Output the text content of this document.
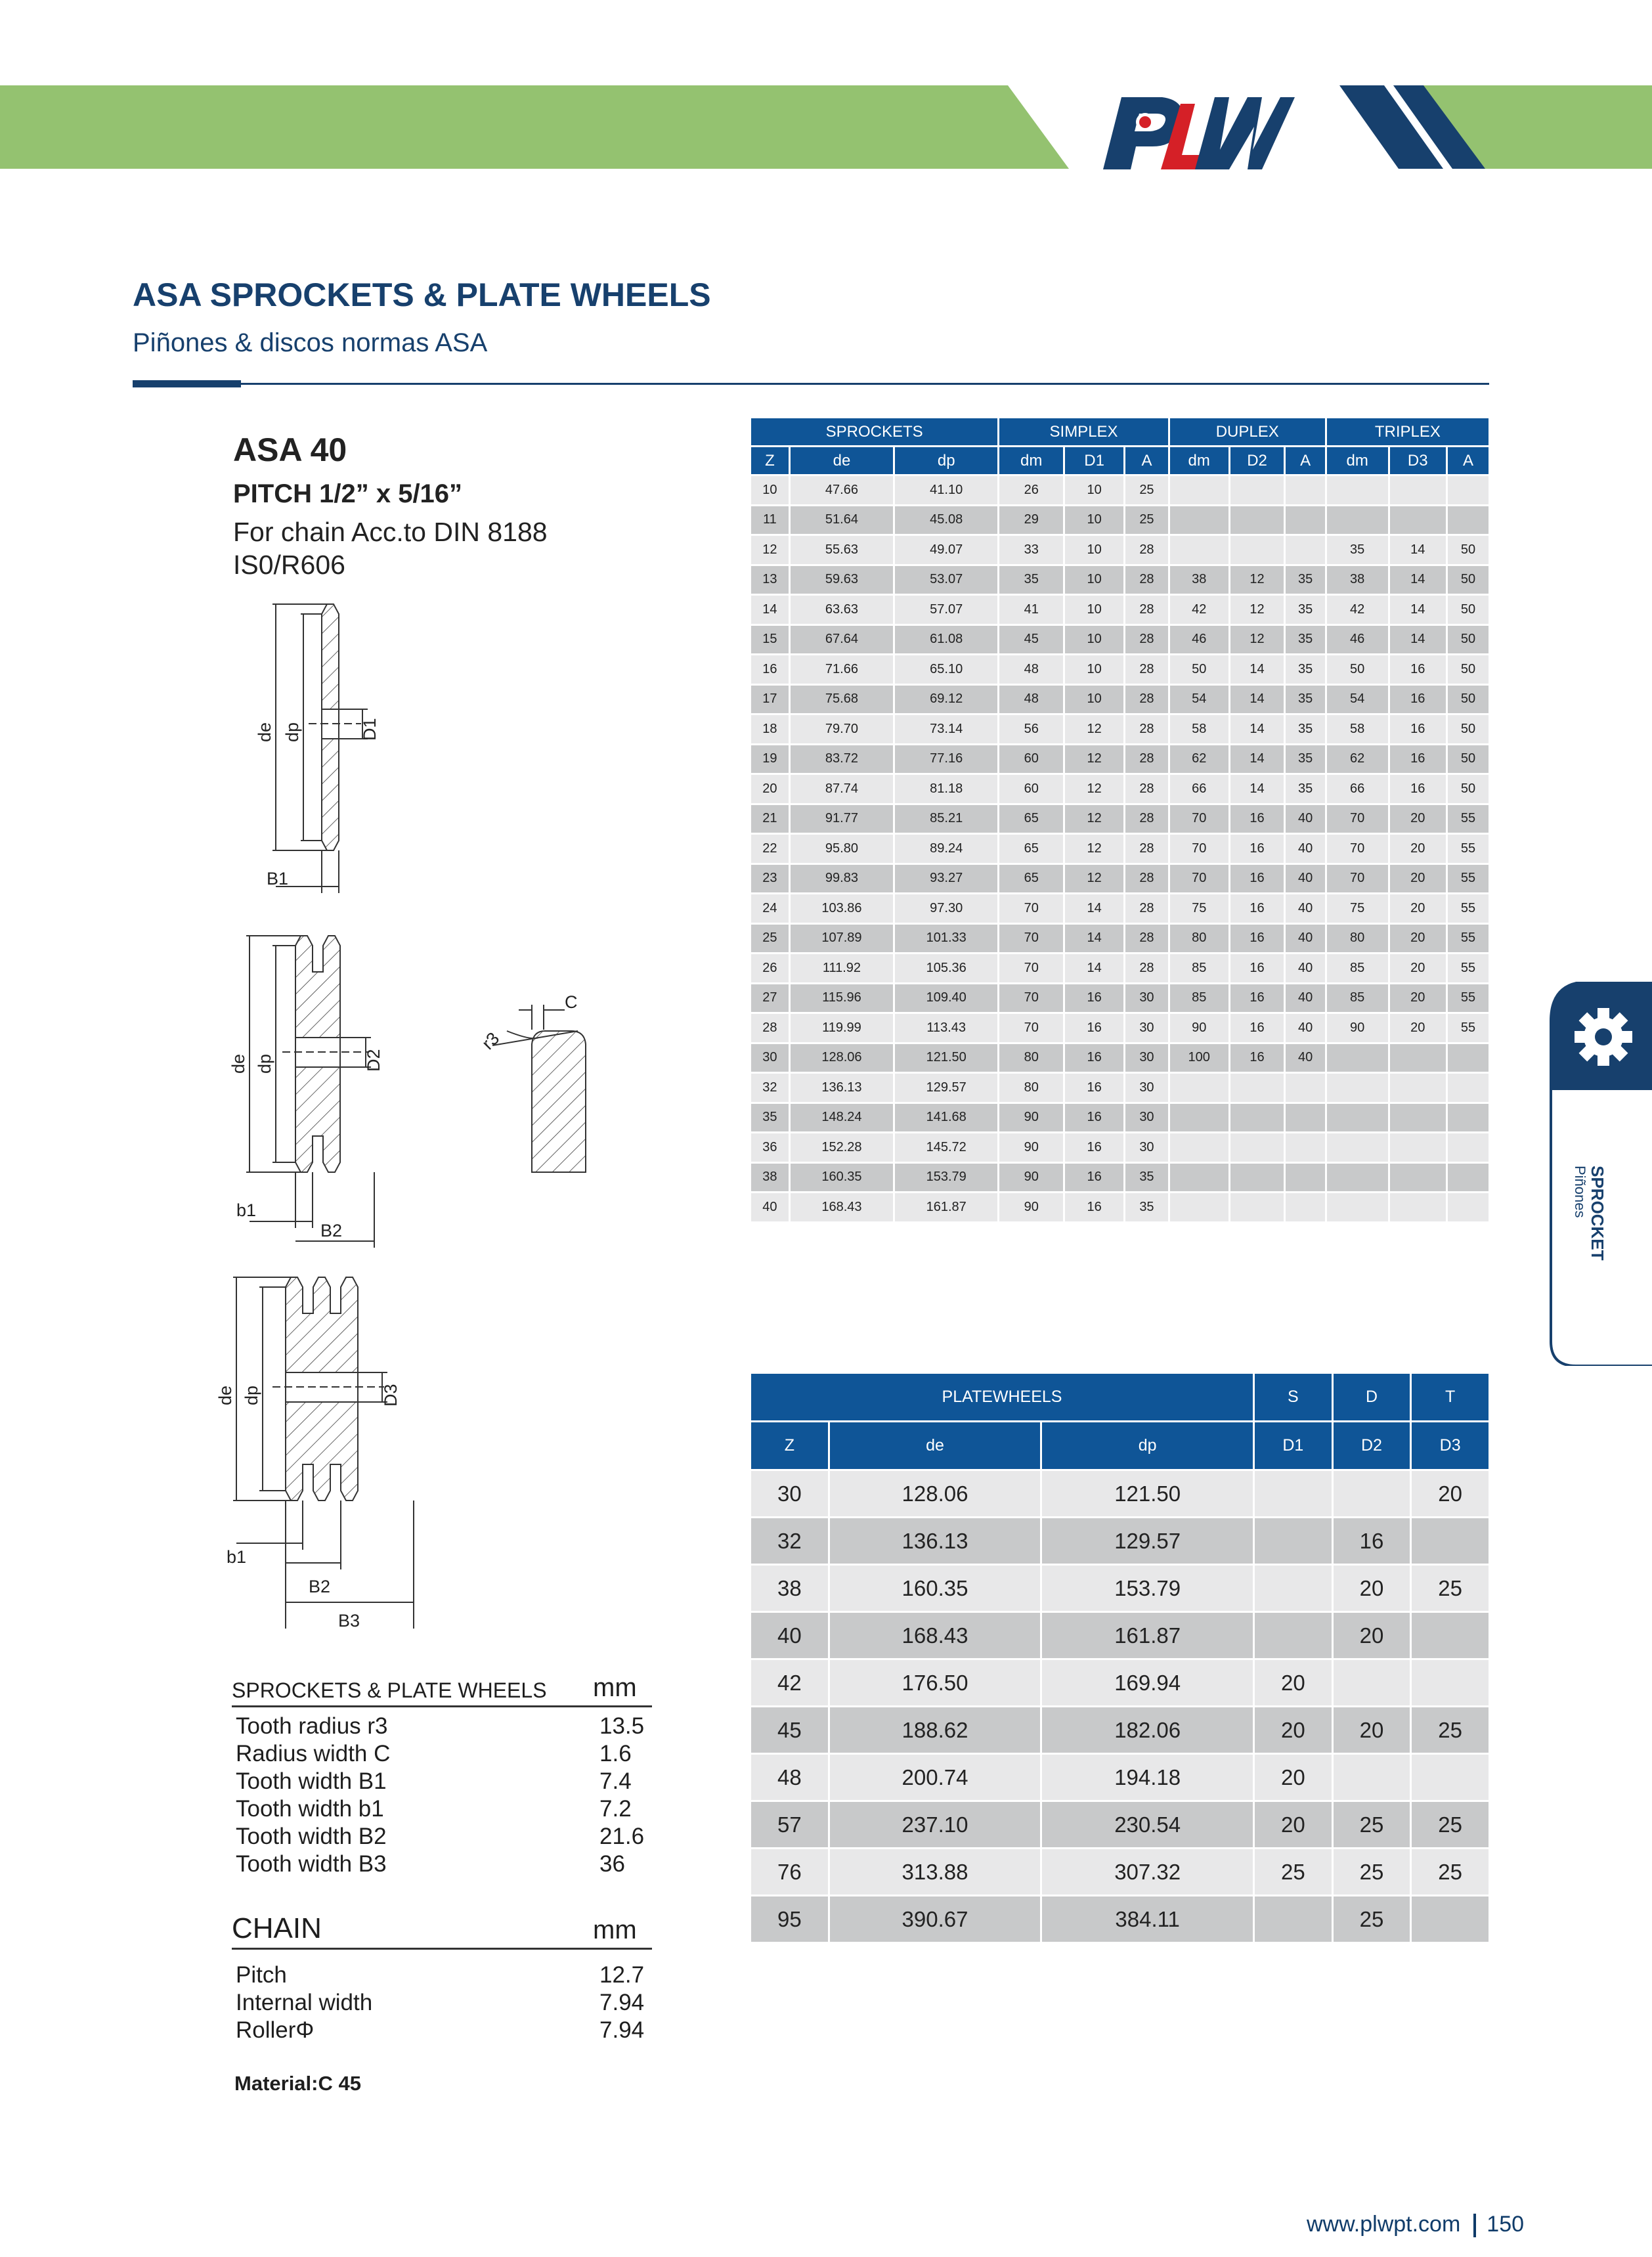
PLW
ASA SPROCKETS & PLATE WHEELS
Piñones & discos normas ASA
ASA 40
PITCH 1/2” x 5/16”
For chain Acc.to DIN 8188
IS0/R606
de dp	D1
B1
de dp	D2
b1
B2
C
r3
de dp	D3
b1
B2
B3
SPROCKETS			SIMPLEX			DUPLEX			TRIPLEX		
Z	de	dp	dm	D1	A	dm	D2	A	dm	D3	A
10	47.66	41.10	26	10	25						
11	51.64	45.08	29	10	25						
12	55.63	49.07	33	10	28				35	14	50
13	59.63	53.07	35	10	28	38	12	35	38	14	50
14	63.63	57.07	41	10	28	42	12	35	42	14	50
15	67.64	61.08	45	10	28	46	12	35	46	14	50
16	71.66	65.10	48	10	28	50	14	35	50	16	50
17	75.68	69.12	48	10	28	54	14	35	54	16	50
18	79.70	73.14	56	12	28	58	14	35	58	16	50
19	83.72	77.16	60	12	28	62	14	35	62	16	50
20	87.74	81.18	60	12	28	66	14	35	66	16	50
21	91.77	85.21	65	12	28	70	16	40	70	20	55
22	95.80	89.24	65	12	28	70	16	40	70	20	55
23	99.83	93.27	65	12	28	70	16	40	70	20	55
24	103.86	97.30	70	14	28	75	16	40	75	20	55
25	107.89	101.33	70	14	28	80	16	40	80	20	55
26	111.92	105.36	70	14	28	85	16	40	85	20	55
27	115.96	109.40	70	16	30	85	16	40	85	20	55
28	119.99	113.43	70	16	30	90	16	40	90	20	55
30	128.06	121.50	80	16	30	100	16	40			
32	136.13	129.57	80	16	30						
35	148.24	141.68	90	16	30						
36	152.28	145.72	90	16	30						
38	160.35	153.79	90	16	35						
40	168.43	161.87	90	16	35						
PLATEWHEELS			S	D	T
Z	de	dp	D1	D2	D3
30	128.06	121.50			20
32	136.13	129.57		16	
38	160.35	153.79		20	25
40	168.43	161.87		20	
42	176.50	169.94	20		
45	188.62	182.06	20	20	25
48	200.74	194.18	20		
57	237.10	230.54	20	25	25
76	313.88	307.32	25	25	25
95	390.67	384.11		25	
SPROCKETS & PLATE WHEELS mm
Tooth radius r3	13.5
Radius width C	1.6
Tooth width B1	7.4
Tooth width b1	7.2
Tooth width B2	21.6
Tooth width B3	36
CHAIN	mm
Pitch	12.7
Internal width	7.94
RollerΦ	7.94
Material:C 45
SPROCKET
Piñones
www.plwpt.com 150
